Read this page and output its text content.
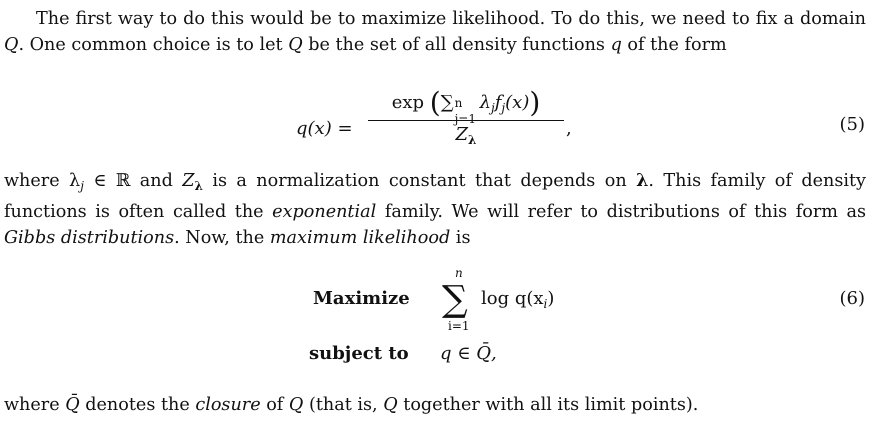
The first way to do this would be to maximize likelihood. To do this, we need to fix a domain Q. One common choice is to let Q be the set of all density functions q of the form

q(x) =
exp (∑ n
j=1
$\lambda_jf_j(x)$)
$Z_\lambda$
,	(5)

where $\lambda_j$ ∈ ℝ and $Z_\lambda$ is a normalization constant that depends on λ. This family of density functions is often called the exponential family. We will refer to distributions of this form as Gibbs distributions. Now, the maximum likelihood is

Maximize
n
∑
i=1
$\log q(x_i)$
subject to q ∈ Q̄,
(6)

where Q̄ denotes the closure of Q (that is, Q together with all its limit points).
